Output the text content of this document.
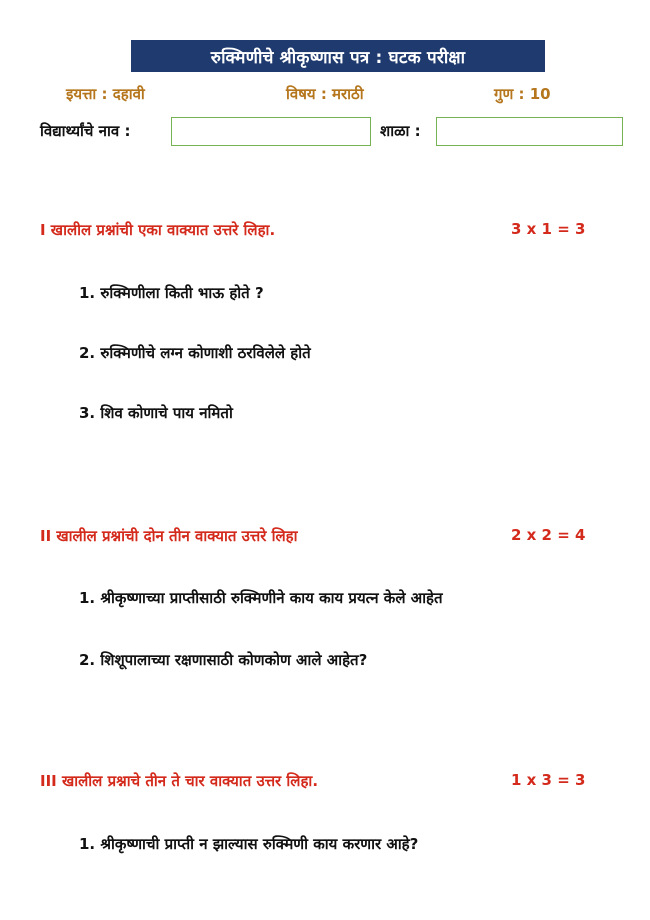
रुक्मिणीचे श्रीकृष्णास पत्र : घटक परीक्षा
इयत्ता : दहावी	विषय : मराठी	गुण : 10
विद्यार्थ्यांचे नाव :	शाळा :
I खालील प्रश्नांची एका वाक्यात उत्तरे लिहा.	3 x 1 = 3
1. रुक्मिणीला किती भाऊ होते ?
2. रुक्मिणीचे लग्न कोणाशी ठरविलेले होते
3. शिव कोणाचे पाय नमितो
II खालील प्रश्नांची दोन तीन वाक्यात उत्तरे लिहा	2 x 2 = 4
1. श्रीकृष्णाच्या प्राप्तीसाठी रुक्मिणीने काय काय प्रयत्न केले आहेत
2. शिशूपालाच्या रक्षणासाठी कोणकोण आले आहेत?
III खालील प्रश्नाचे तीन ते चार वाक्यात उत्तर लिहा.	1 x 3 = 3
1. श्रीकृष्णाची प्राप्ती न झाल्यास रुक्मिणी काय करणार आहे?
